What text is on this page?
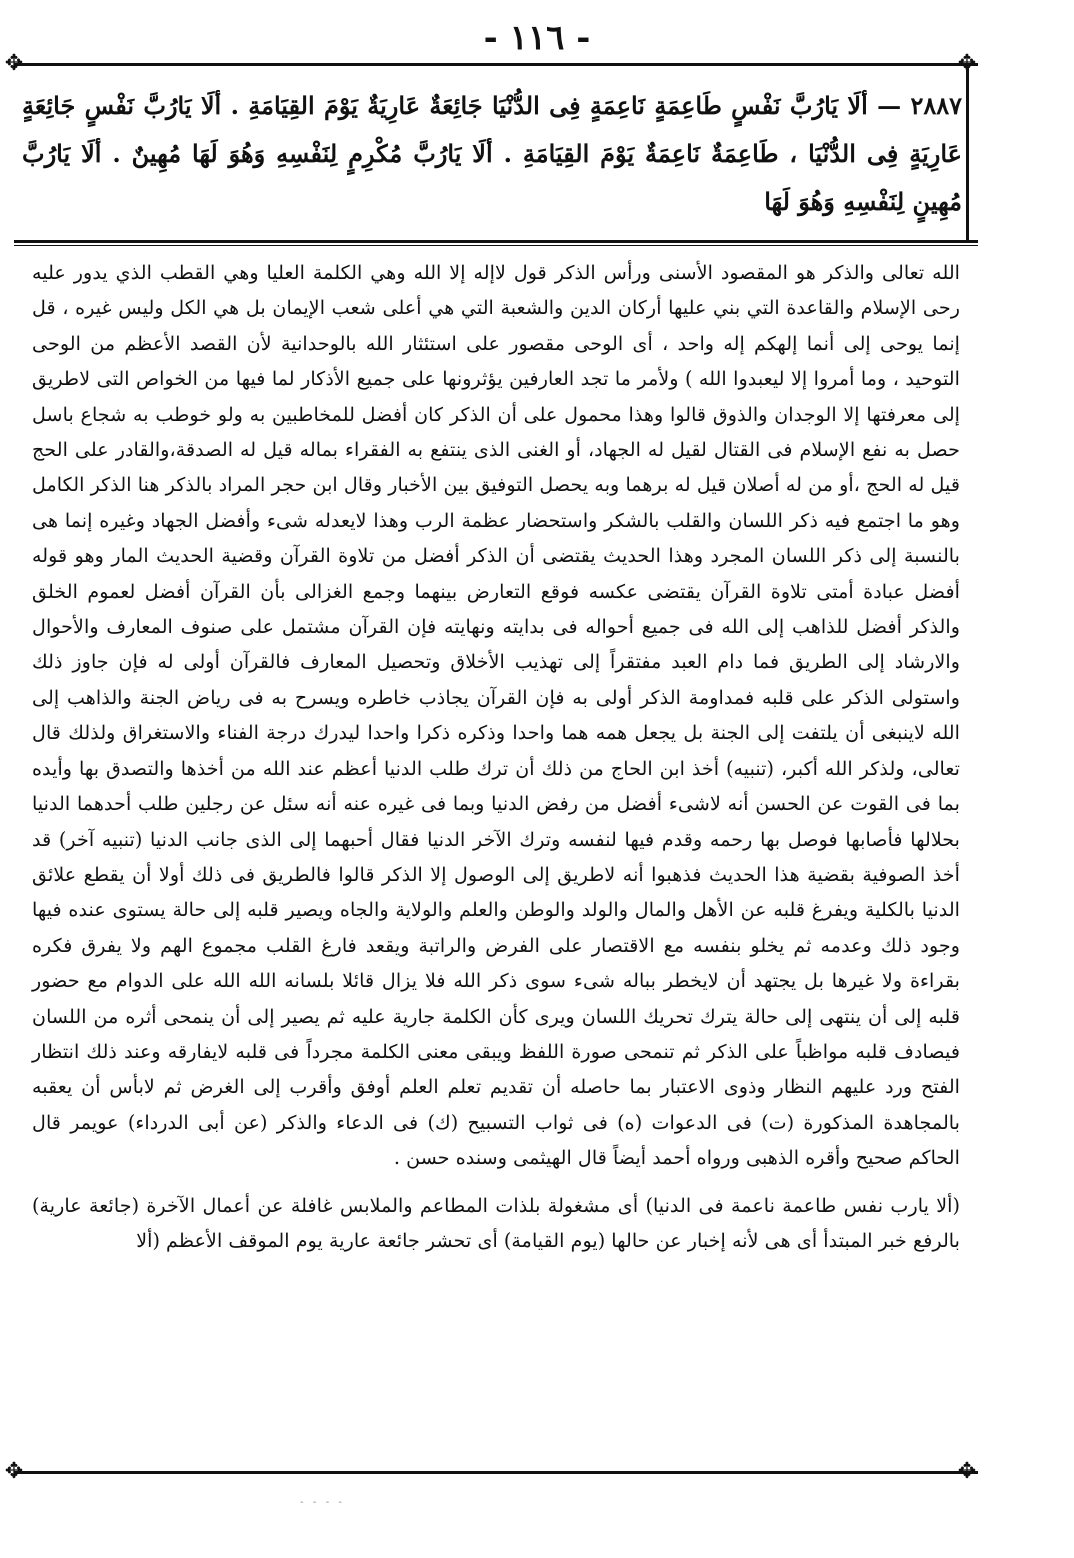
- ١١٦ -
✥	✥
✥	✥
٢٨٨٧ — ألَا يَارُبَّ نَفْسٍ طَاعِمَةٍ نَاعِمَةٍ فِى الدُّنْيَا جَائِعَةٌ عَارِيَةٌ يَوْمَ القِيَامَةِ . ألَا يَارُبَّ نَفْسٍ جَائِعَةٍ عَارِيَةٍ فِى الدُّنْيَا ، طَاعِمَةٌ نَاعِمَةٌ يَوْمَ القِيَامَةِ . ألَا يَارُبَّ مُكْرِمٍ لِنَفْسِهِ وَهُوَ لَهَا مُهِينٌ . ألَا يَارُبَّ مُهِينٍ لِنَفْسِهِ وَهُوَ لَهَا

الله تعالى والذكر هو المقصود الأسنى ورأس الذكر قول لاإله إلا الله وهي الكلمة العليا وهي القطب الذي يدور عليه رحى الإسلام والقاعدة التي بني عليها أركان الدين والشعبة التي هي أعلى شعب الإيمان بل هي الكل وليس غيره ، قل إنما يوحى إلى أنما إلهكم إله واحد ، أى الوحى مقصور على استئثار الله بالوحدانية لأن القصد الأعظم من الوحى التوحيد ، وما أمروا إلا ليعبدوا الله ) ولأمر ما تجد العارفين يؤثرونها على جميع الأذكار لما فيها من الخواص التى لاطريق إلى معرفتها إلا الوجدان والذوق قالوا وهذا محمول على أن الذكر كان أفضل للمخاطبين به ولو خوطب به شجاع باسل حصل به نفع الإسلام فى القتال لقيل له الجهاد، أو الغنى الذى ينتفع به الفقراء بماله قيل له الصدقة،والقادر على الحج قيل له الحج ،أو من له أصلان قيل له برهما وبه يحصل التوفيق بين الأخبار وقال ابن حجر المراد بالذكر هنا الذكر الكامل وهو ما اجتمع فيه ذكر اللسان والقلب بالشكر واستحضار عظمة الرب وهذا لايعدله شىء وأفضل الجهاد وغيره إنما هى بالنسبة إلى ذكر اللسان المجرد وهذا الحديث يقتضى أن الذكر أفضل من تلاوة القرآن وقضية الحديث المار وهو قوله أفضل عبادة أمتى تلاوة القرآن يقتضى عكسه فوقع التعارض بينهما وجمع الغزالى بأن القرآن أفضل لعموم الخلق والذكر أفضل للذاهب إلى الله فى جميع أحواله فى بدايته ونهايته فإن القرآن مشتمل على صنوف المعارف والأحوال والارشاد إلى الطريق فما دام العبد مفتقراً إلى تهذيب الأخلاق وتحصيل المعارف فالقرآن أولى له فإن جاوز ذلك واستولى الذكر على قلبه فمداومة الذكر أولى به فإن القرآن يجاذب خاطره ويسرح به فى رياض الجنة والذاهب إلى الله لاينبغى أن يلتفت إلى الجنة بل يجعل همه هما واحدا وذكره ذكرا واحدا ليدرك درجة الفناء والاستغراق ولذلك قال تعالى، ولذكر الله أكبر، (تنبيه) أخذ ابن الحاج من ذلك أن ترك طلب الدنيا أعظم عند الله من أخذها والتصدق بها وأيده بما فى القوت عن الحسن أنه لاشىء أفضل من رفض الدنيا وبما فى غيره عنه أنه سئل عن رجلين طلب أحدهما الدنيا بحلالها فأصابها فوصل بها رحمه وقدم فيها لنفسه وترك الآخر الدنيا فقال أحبهما إلى الذى جانب الدنيا (تنبيه آخر) قد أخذ الصوفية بقضية هذا الحديث فذهبوا أنه لاطريق إلى الوصول إلا الذكر قالوا فالطريق فى ذلك أولا أن يقطع علائق الدنيا بالكلية ويفرغ قلبه عن الأهل والمال والولد والوطن والعلم والولاية والجاه ويصير قلبه إلى حالة يستوى عنده فيها وجود ذلك وعدمه ثم يخلو بنفسه مع الاقتصار على الفرض والراتبة ويقعد فارغ القلب مجموع الهم ولا يفرق فكره بقراءة ولا غيرها بل يجتهد أن لايخطر بباله شىء سوى ذكر الله فلا يزال قائلا بلسانه الله الله على الدوام مع حضور قلبه إلى أن ينتهى إلى حالة يترك تحريك اللسان ويرى كأن الكلمة جارية عليه ثم يصير إلى أن ينمحى أثره من اللسان فيصادف قلبه مواظباً على الذكر ثم تنمحى صورة اللفظ ويبقى معنى الكلمة مجرداً فى قلبه لايفارقه وعند ذلك انتظار الفتح ورد عليهم النظار وذوى الاعتبار بما حاصله أن تقديم تعلم العلم أوفق وأقرب إلى الغرض ثم لابأس أن يعقبه بالمجاهدة المذكورة (ت) فى الدعوات (ه) فى ثواب التسبيح (ك) فى الدعاء والذكر (عن أبى الدرداء) عويمر قال الحاكم صحيح وأقره الذهبى ورواه أحمد أيضاً قال الهيثمى وسنده حسن .

(ألا يارب نفس طاعمة ناعمة فى الدنيا) أى مشغولة بلذات المطاعم والملابس غافلة عن أعمال الآخرة (جائعة عارية) بالرفع خبر المبتدأ أى هى لأنه إخبار عن حالها (يوم القيامة) أى تحشر جائعة عارية يوم الموقف الأعظم (ألا

- - - -
